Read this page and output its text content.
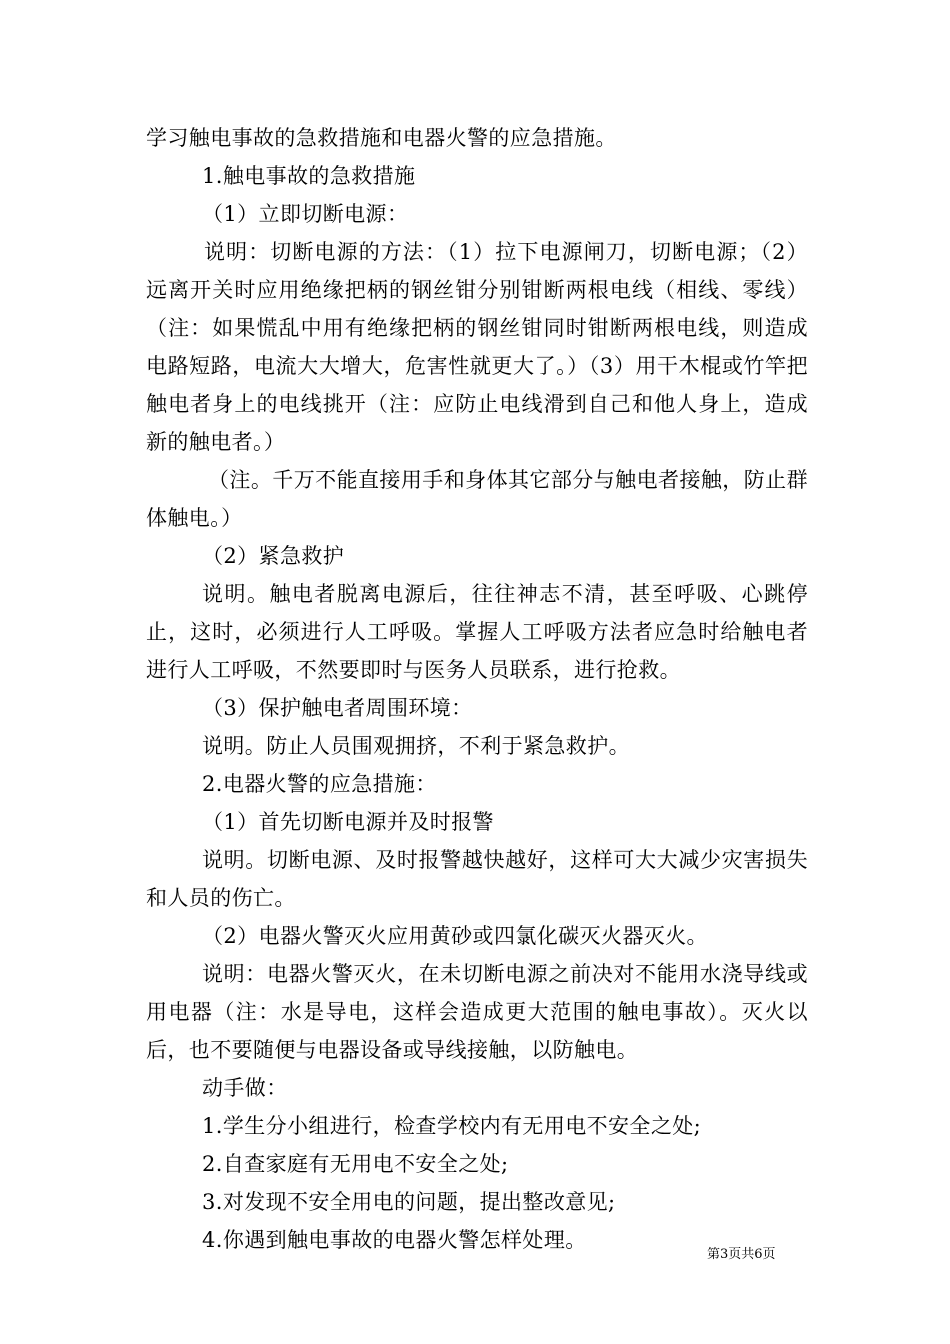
学习触电事故的急救措施和电器火警的应急措施。

1.触电事故的急救措施

（1）立即切断电源：

说明：切断电源的方法：（1）拉下电源闸刀，切断电源；（2）远离开关时应用绝缘把柄的钢丝钳分别钳断两根电线（相线、零线）（注：如果慌乱中用有绝缘把柄的钢丝钳同时钳断两根电线，则造成电路短路，电流大大增大，危害性就更大了。）（3）用干木棍或竹竿把触电者身上的电线挑开（注：应防止电线滑到自己和他人身上，造成新的触电者。）

（注。千万不能直接用手和身体其它部分与触电者接触，防止群体触电。）

（2）紧急救护

说明。触电者脱离电源后，往往神志不清，甚至呼吸、心跳停止，这时，必须进行人工呼吸。掌握人工呼吸方法者应急时给触电者进行人工呼吸，不然要即时与医务人员联系，进行抢救。

（3）保护触电者周围环境：

说明。防止人员围观拥挤，不利于紧急救护。

2.电器火警的应急措施：

（1）首先切断电源并及时报警

说明。切断电源、及时报警越快越好，这样可大大减少灾害损失和人员的伤亡。

（2）电器火警灭火应用黄砂或四氯化碳灭火器灭火。

说明：电器火警灭火，在未切断电源之前决对不能用水浇导线或用电器（注：水是导电，这样会造成更大范围的触电事故）。灭火以后，也不要随便与电器设备或导线接触，以防触电。

动手做：

1.学生分小组进行，检查学校内有无用电不安全之处;

2.自查家庭有无用电不安全之处;

3.对发现不安全用电的问题，提出整改意见;

4.你遇到触电事故的电器火警怎样处理。

第3页共6页
